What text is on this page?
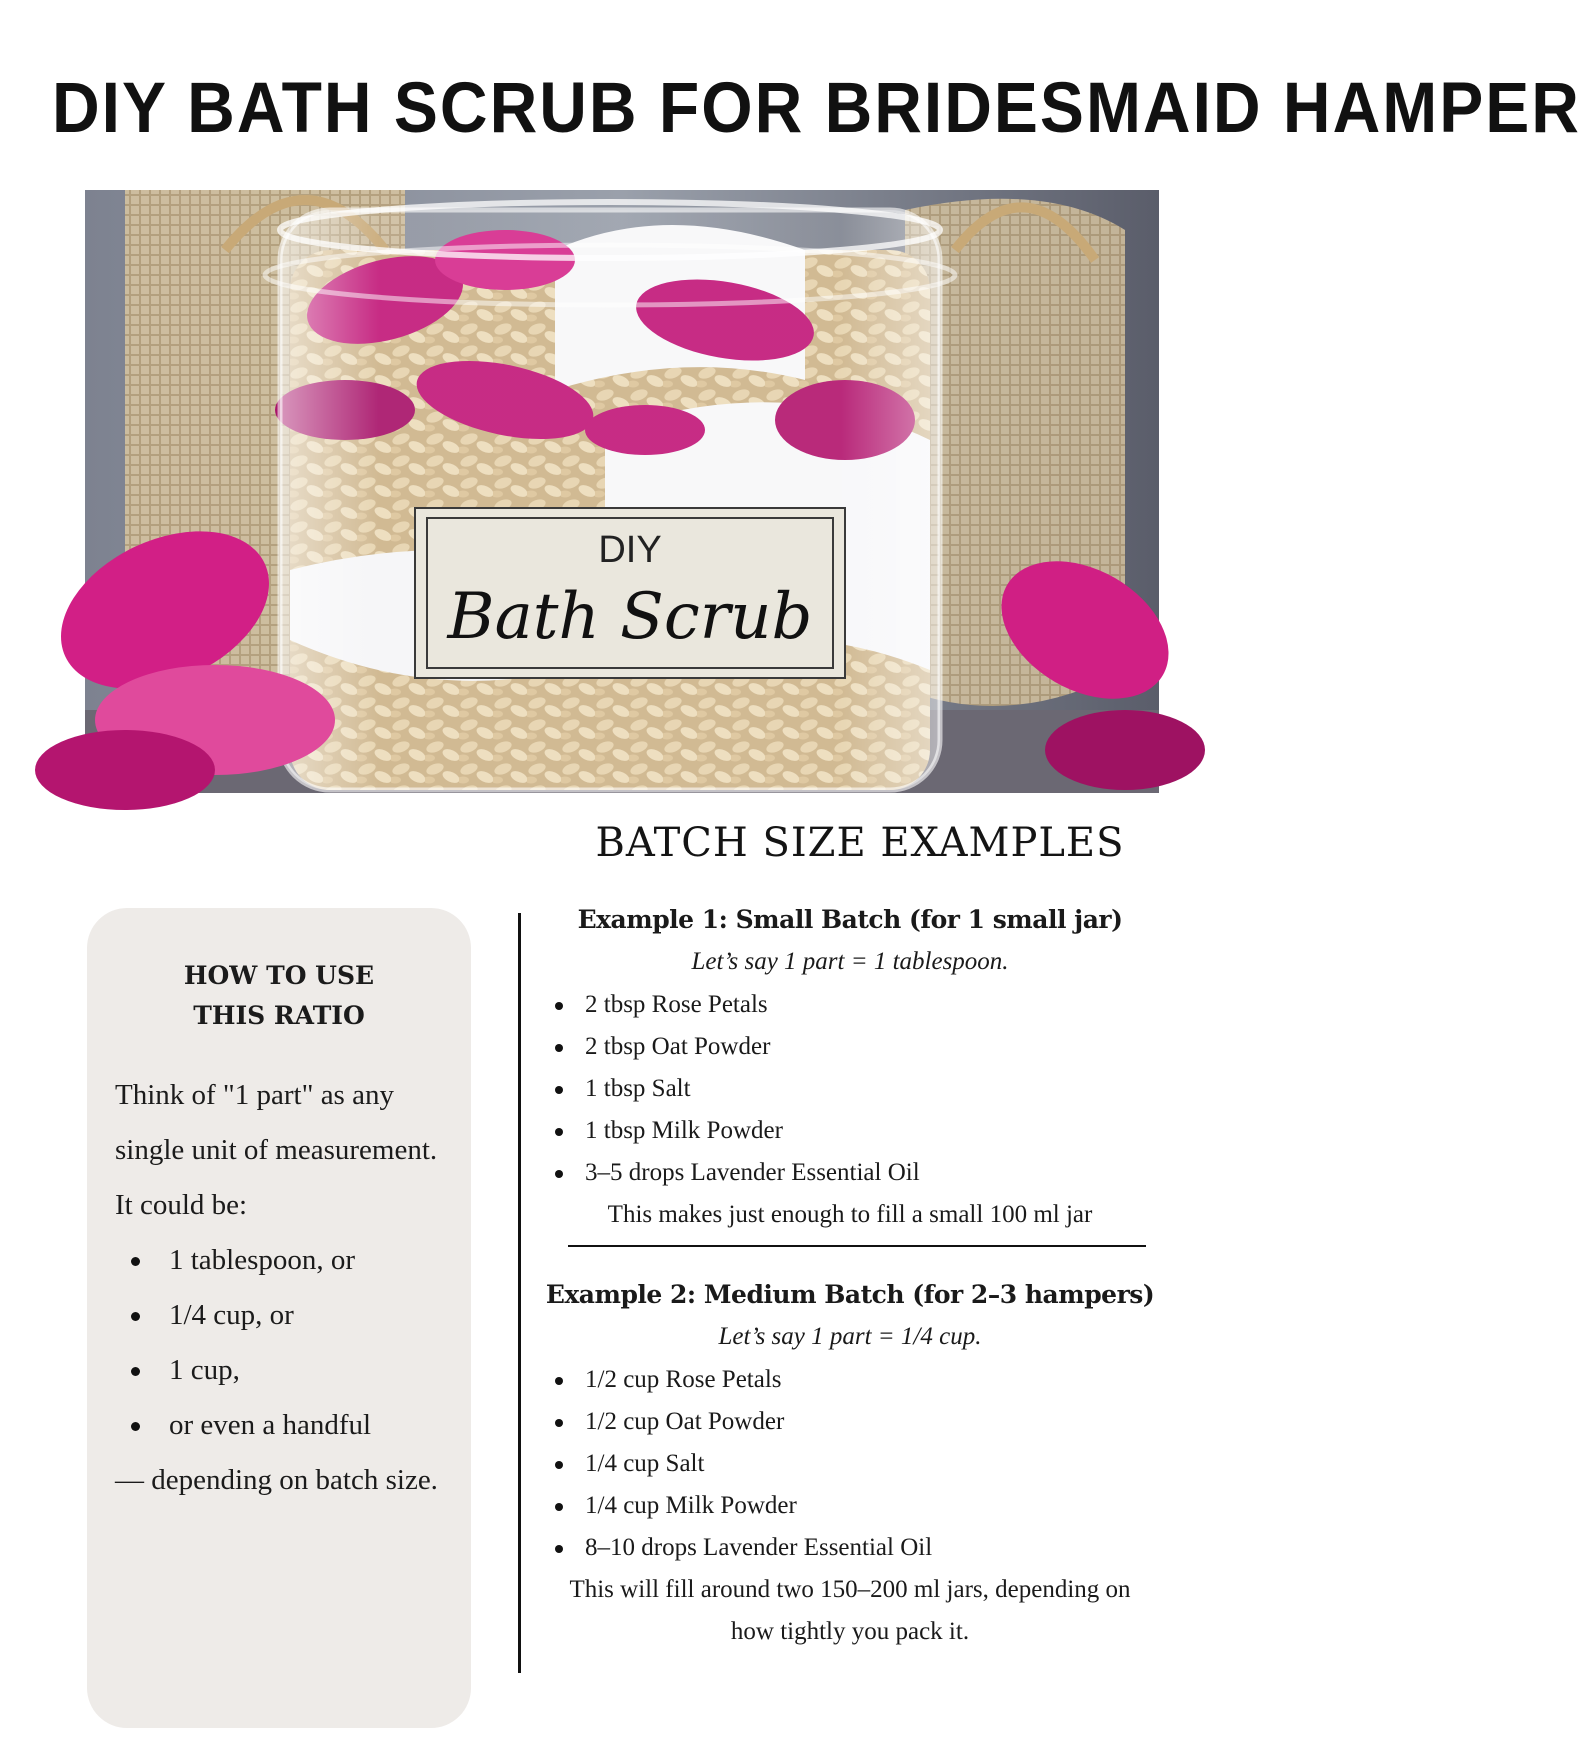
DIY BATH SCRUB FOR BRIDESMAID HAMPER
DIY
Bath Scrub
BATCH SIZE EXAMPLES
HOW TO USE
THIS RATIO
Think of "1 part" as any single unit of measurement. It could be:
1 tablespoon, or
1/4 cup, or
1 cup,
or even a handful
— depending on batch size.
Example 1: Small Batch (for 1 small jar)
Let’s say 1 part = 1 tablespoon.
2 tbsp Rose Petals
2 tbsp Oat Powder
1 tbsp Salt
1 tbsp Milk Powder
3–5 drops Lavender Essential Oil
This makes just enough to fill a small 100 ml jar
Example 2: Medium Batch (for 2–3 hampers)
Let’s say 1 part = 1/4 cup.
1/2 cup Rose Petals
1/2 cup Oat Powder
1/4 cup Salt
1/4 cup Milk Powder
8–10 drops Lavender Essential Oil
This will fill around two 150–200 ml jars, depending on how tightly you pack it.
